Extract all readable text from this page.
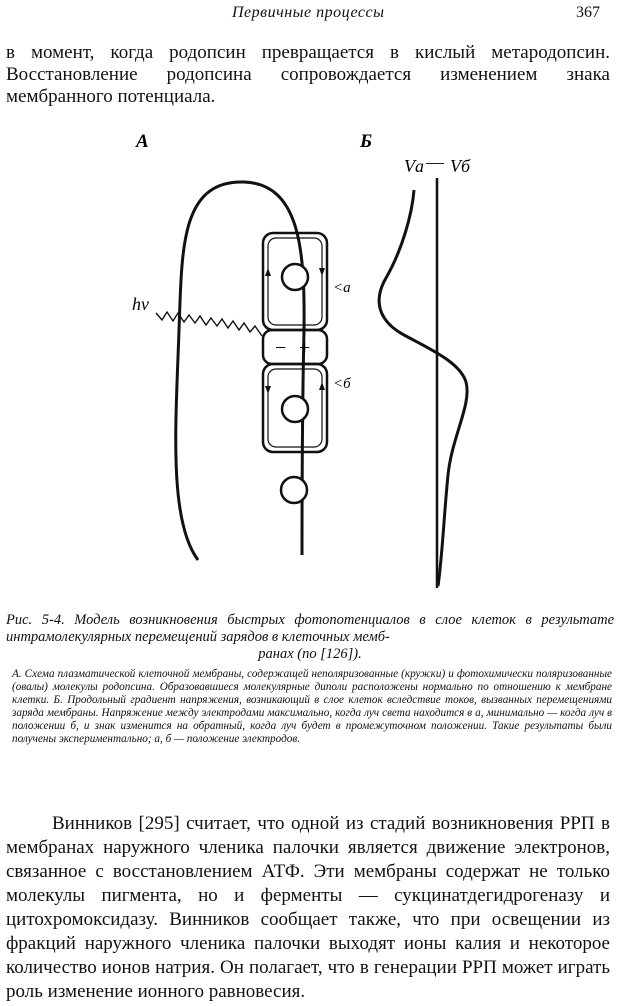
Первичные процессы	367
в момент, когда родопсин превращается в кислый метародопсин. Восстановление родопсина сопровождается изменением знака мембранного потенциала.
А	Б
<а
− +
<б
hν
Vа — Vб
Рис. 5-4. Модель возникновения быстрых фотопотенциалов в слое клеток в результате интрамолекулярных перемещений зарядов в клеточных мемб-
ранах (по [126]).
А. Схема плазматической клеточной мембраны, содержащей неполяризованные (кружки) и фотохимически поляризованные (овалы) молекулы родопсина. Образовавшиеся молекулярные диполи расположены нормально по отношению к мембране клетки. Б. Продольный градиент напряжения, возникающий в слое клеток вследствие токов, вызванных перемещениями заряда мембраны. Напряжение между электродами максимально, когда луч света находится в а, минимально — когда луч в положении б, и знак изменится на обратный, когда луч будет в промежуточном положении. Такие результаты были получены экспериментально; а, б — положение электродов.
Винников [295] считает, что одной из стадий возникновения РРП в мембранах наружного членика палочки является движение электронов, связанное с восстановлением АТФ. Эти мембраны содержат не только молекулы пигмента, но и ферменты — сукцинатдегидрогеназу и цитохромоксидазу. Винников сообщает также, что при освещении из фракций наружного членика палочки выходят ионы калия и некоторое количество ионов натрия. Он полагает, что в генерации РРП может играть роль изменение ионного равновесия.
